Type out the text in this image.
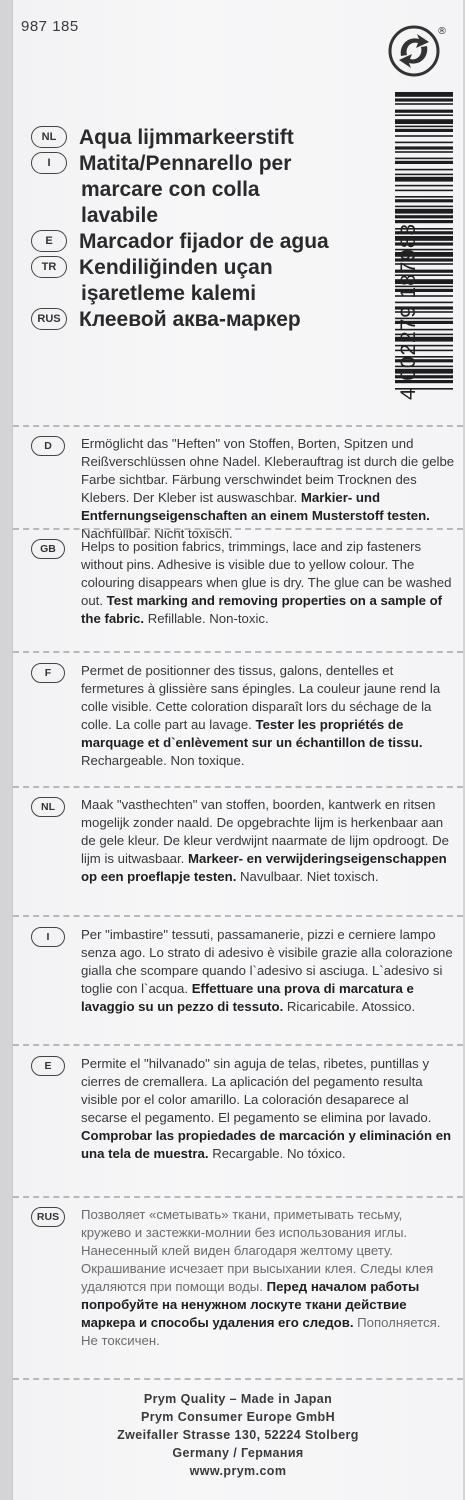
987 185	®
NL	Aqua lijmmarkeerstift
I	Matita/Pennarello per
marcare con colla
lavabile
E	Marcador fijador de agua
TR	Kendiliğinden uçan
işaretleme kalemi
RUS Клеевой аква-маркер	4 002279 187983
D	Ermöglicht das "Heften" von Stoffen, Borten, Spitzen und Reißverschlüssen ohne Nadel. Kleberauftrag ist durch die gelbe Farbe sichtbar. Färbung verschwindet beim Trocknen des Klebers. Der Kleber ist auswaschbar. Markier- und Entfernungseigenschaften an einem Musterstoff testen. Nachfüllbar. Nicht toxisch.
GB	Helps to position fabrics, trimmings, lace and zip fasteners without pins. Adhesive is visible due to yellow colour. The colouring disappears when glue is dry. The glue can be washed out. Test marking and removing properties on a sample of the fabric. Refillable. Non-toxic.
F	Permet de positionner des tissus, galons, dentelles et fermetures à glissière sans épingles. La couleur jaune rend la colle visible. Cette coloration disparaît lors du séchage de la colle. La colle part au lavage. Tester les propriétés de marquage et d`enlèvement sur un échantillon de tissu. Rechargeable. Non toxique.
NL	Maak "vasthechten" van stoffen, boorden, kantwerk en ritsen mogelijk zonder naald. De opgebrachte lijm is herkenbaar aan de gele kleur. De kleur verdwijnt naarmate de lijm opdroogt. De lijm is uitwasbaar. Markeer- en verwijderingseigenschappen op een proeflapje testen. Navulbaar. Niet toxisch.
I	Per "imbastire" tessuti, passamanerie, pizzi e cerniere lampo senza ago. Lo strato di adesivo è visibile grazie alla colorazione gialla che scompare quando l`adesivo si asciuga. L`adesivo si toglie con l`acqua. Effettuare una prova di marcatura e lavaggio su un pezzo di tessuto. Ricaricabile. Atossico.
E	Permite el "hilvanado" sin aguja de telas, ribetes, puntillas y cierres de cremallera. La aplicación del pegamento resulta visible por el color amarillo. La coloración desaparece al secarse el pegamento. El pegamento se elimina por lavado. Comprobar las propiedades de marcación y eliminación en una tela de muestra. Recargable. No tóxico.
RUS	Позволяет «сметывать» ткани, приметывать тесьму, кружево и застежки-молнии без использования иглы. Нанесенный клей виден благодаря желтому цвету. Окрашивание исчезает при высыхании клея. Следы клея удаляются при помощи воды. Перед началом работы попробуйте на ненужном лоскуте ткани действие маркера и способы удаления его следов. Пополняется. Не токсичен.
Prym Quality – Made in Japan
Prym Consumer Europe GmbH
Zweifaller Strasse 130, 52224 Stolberg
Germany / Германия
www.prym.com
